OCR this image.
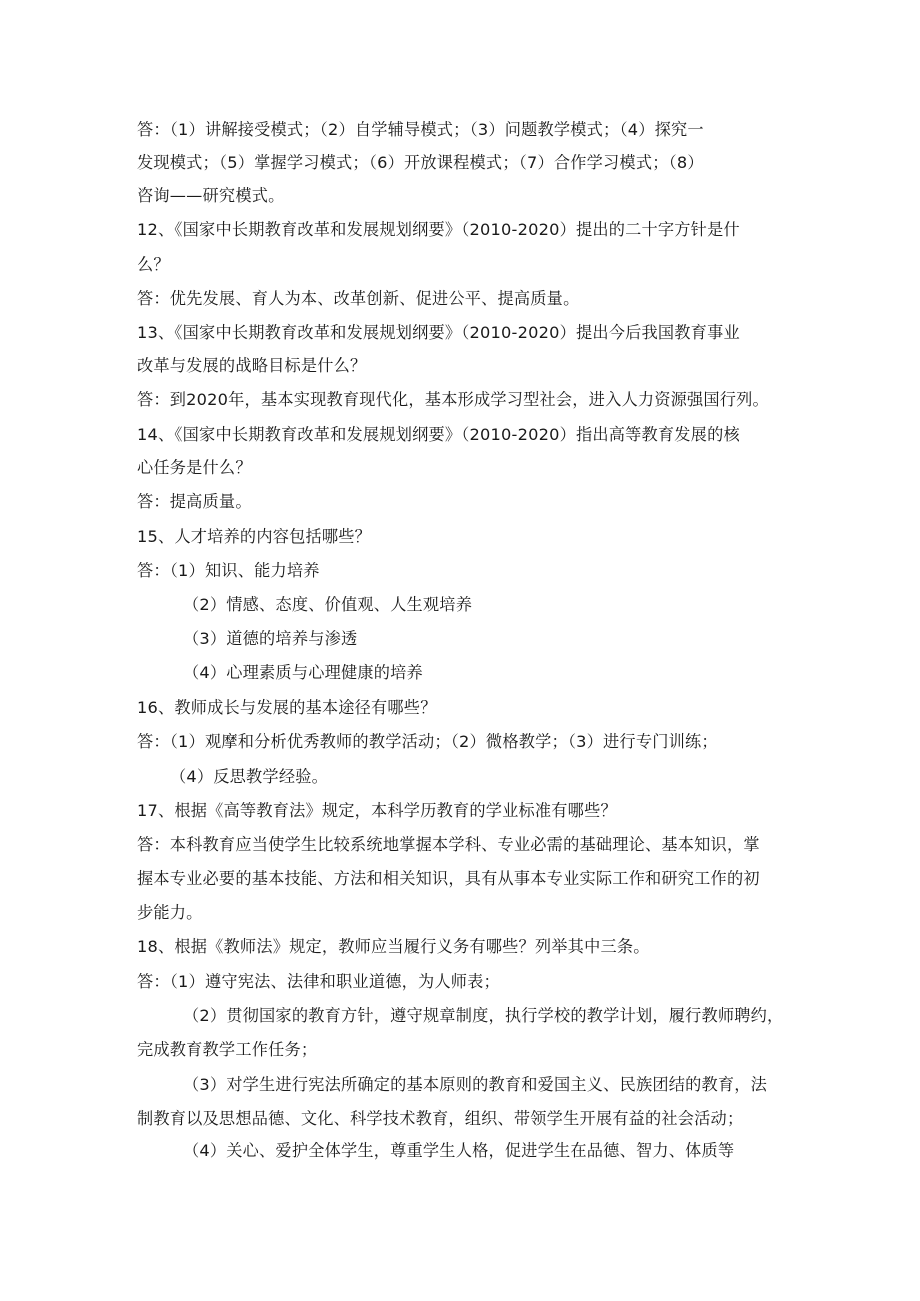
答：（1）讲解接受模式；（2）自学辅导模式；（3）问题教学模式；（4）探究一
发现模式；（5）掌握学习模式；（6）开放课程模式；（7）合作学习模式；（8）
咨询——研究模式。
12、《国家中长期教育改革和发展规划纲要》（2010-2020）提出的二十字方针是什
么？
答：优先发展、育人为本、改革创新、促进公平、提高质量。
13、《国家中长期教育改革和发展规划纲要》（2010-2020）提出今后我国教育事业
改革与发展的战略目标是什么？
答：到2020年，基本实现教育现代化，基本形成学习型社会，进入人力资源强国行列。
14、《国家中长期教育改革和发展规划纲要》（2010-2020）指出高等教育发展的核
心任务是什么？
答：提高质量。
15、人才培养的内容包括哪些？
答：（1）知识、能力培养
（2）情感、态度、价值观、人生观培养
（3）道德的培养与渗透
（4）心理素质与心理健康的培养
16、教师成长与发展的基本途径有哪些？
答：（1）观摩和分析优秀教师的教学活动；（2）微格教学；（3）进行专门训练；
（4）反思教学经验。
17、根据《高等教育法》规定，本科学历教育的学业标准有哪些？
答：本科教育应当使学生比较系统地掌握本学科、专业必需的基础理论、基本知识，掌
握本专业必要的基本技能、方法和相关知识，具有从事本专业实际工作和研究工作的初
步能力。
18、根据《教师法》规定，教师应当履行义务有哪些？列举其中三条。
答：（1）遵守宪法、法律和职业道德，为人师表；
（2）贯彻国家的教育方针，遵守规章制度，执行学校的教学计划，履行教师聘约，
完成教育教学工作任务；
（3）对学生进行宪法所确定的基本原则的教育和爱国主义、民族团结的教育，法
制教育以及思想品德、文化、科学技术教育，组织、带领学生开展有益的社会活动；
（4）关心、爱护全体学生，尊重学生人格，促进学生在品德、智力、体质等
